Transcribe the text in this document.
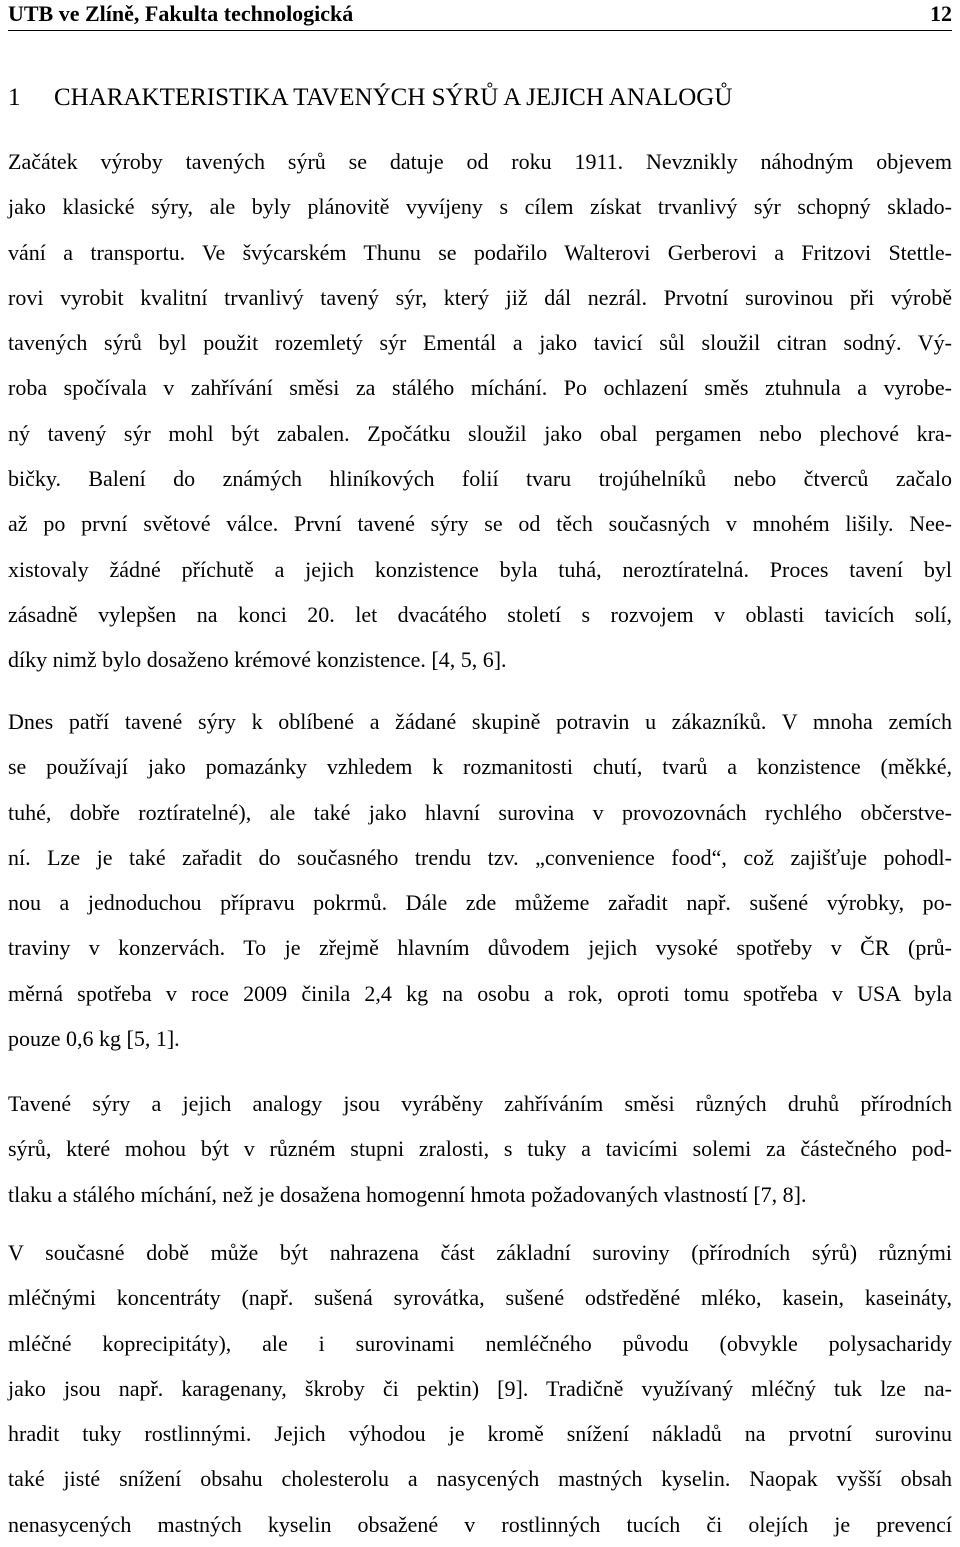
UTB ve Zlíně, Fakulta technologická	12
1 CHARAKTERISTIKA TAVENÝCH SÝRŮ A JEJICH ANALOGŮ

Začátek výroby tavených sýrů se datuje od roku 1911. Nevznikly náhodným objevem
jako klasické sýry, ale byly plánovitě vyvíjeny s cílem získat trvanlivý sýr schopný sklado-
vání a transportu. Ve švýcarském Thunu se podařilo Walterovi Gerberovi a Fritzovi Stettle-
rovi vyrobit kvalitní trvanlivý tavený sýr, který již dál nezrál. Prvotní surovinou při výrobě
tavených sýrů byl použit rozemletý sýr Ementál a jako tavicí sůl sloužil citran sodný. Vý-
roba spočívala v zahřívání směsi za stálého míchání. Po ochlazení směs ztuhnula a vyrobe-
ný tavený sýr mohl být zabalen. Zpočátku sloužil jako obal pergamen nebo plechové kra-
bičky. Balení do známých hliníkových folií tvaru trojúhelníků nebo čtverců začalo
až po první světové válce. První tavené sýry se od těch současných v mnohém lišily. Nee-
xistovaly žádné příchutě a jejich konzistence byla tuhá, neroztíratelná. Proces tavení byl
zásadně vylepšen na konci 20. let dvacátého století s rozvojem v oblasti tavicích solí,
díky nimž bylo dosaženo krémové konzistence. [4, 5, 6].

Dnes patří tavené sýry k oblíbené a žádané skupině potravin u zákazníků. V mnoha zemích
se používají jako pomazánky vzhledem k rozmanitosti chutí, tvarů a konzistence (měkké,
tuhé, dobře roztíratelné), ale také jako hlavní surovina v provozovnách rychlého občerstve-
ní. Lze je také zařadit do současného trendu tzv. „convenience food“, což zajišťuje pohodl-
nou a jednoduchou přípravu pokrmů. Dále zde můžeme zařadit např. sušené výrobky, po-
traviny v konzervách. To je zřejmě hlavním důvodem jejich vysoké spotřeby v ČR (prů-
měrná spotřeba v roce 2009 činila 2,4 kg na osobu a rok, oproti tomu spotřeba v USA byla
pouze 0,6 kg [5, 1].

Tavené sýry a jejich analogy jsou vyráběny zahříváním směsi různých druhů přírodních
sýrů, které mohou být v různém stupni zralosti, s tuky a tavicími solemi za částečného pod-
tlaku a stálého míchání, než je dosažena homogenní hmota požadovaných vlastností [7, 8].

V současné době může být nahrazena část základní suroviny (přírodních sýrů) různými
mléčnými koncentráty (např. sušená syrovátka, sušené odstředěné mléko, kasein, kaseináty,
mléčné koprecipitáty), ale i surovinami nemléčného původu (obvykle polysacharidy
jako jsou např. karagenany, škroby či pektin) [9]. Tradičně využívaný mléčný tuk lze na-
hradit tuky rostlinnými. Jejich výhodou je kromě snížení nákladů na prvotní surovinu
také jisté snížení obsahu cholesterolu a nasycených mastných kyselin. Naopak vyšší obsah
nenasycených mastných kyselin obsažené v rostlinných tucích či olejích je prevencí
